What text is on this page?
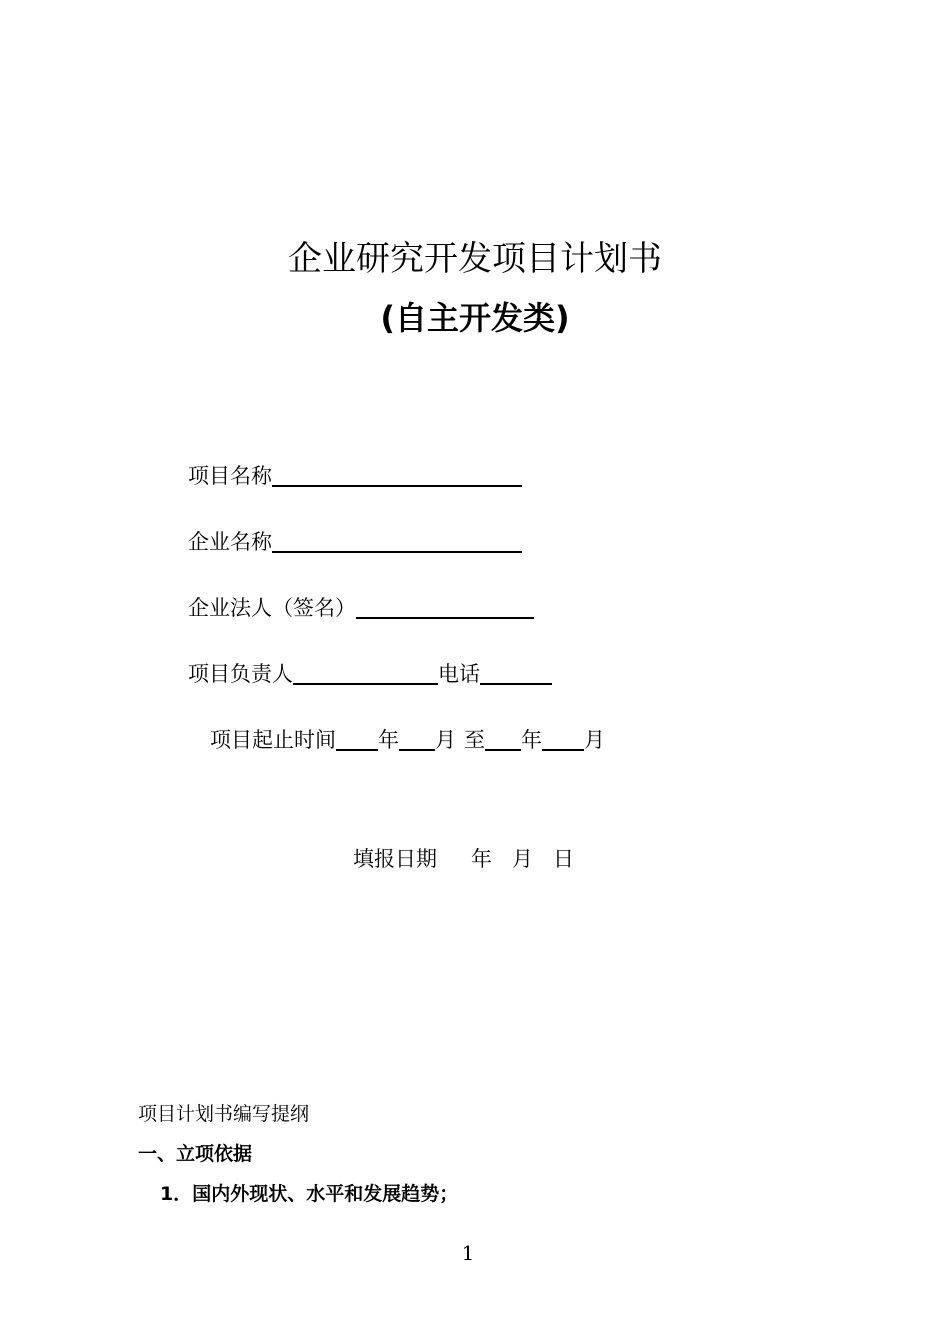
企业研究开发项目计划书
(自主开发类)
项目名称
企业名称
企业法人（签名）
项目负责人	电话
项目起止时间 年 月 至 年 月
填报日期 年 月 日
项目计划书编写提纲
一、立项依据
1．国内外现状、水平和发展趋势；
1
